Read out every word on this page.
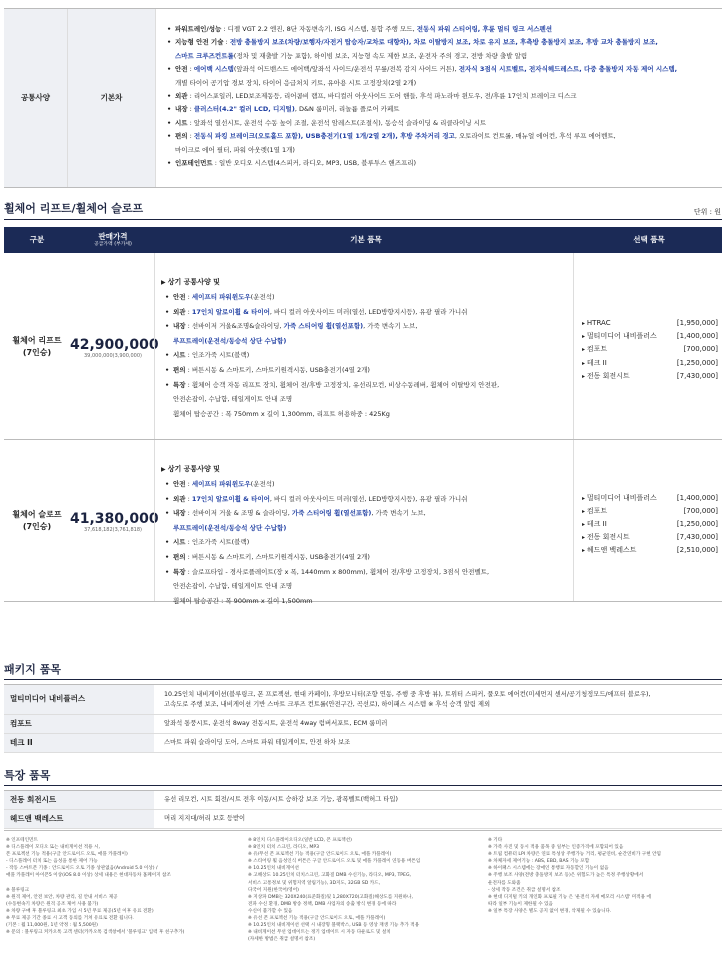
공통사양	기본차
• 파워트레인/성능 : 디젤 VGT 2.2 엔진, 8단 자동변속기, ISG 시스템, 통합 주행 모드, 전동식 파워 스티어링, 후륜 멀티 링크 서스펜션
• 지능형 안전 기술 : 전방 충돌방지 보조(차량/보행자/자전거 탑승자/교차로 대향차), 차로 이탈방지 보조, 차로 유지 보조, 후측방 충돌방지 보조, 후방 교차 충돌방지 보조,
스마트 크루즈컨트롤(정차 및 재출발 기능 포함), 하이빔 보조, 지능형 속도 제한 보조, 운전자 주의 경고, 전방 차량 출발 알림
• 안전 : 에어백 시스템(앞좌석 어드밴스드 에어백/앞좌석 사이드/운전석 무릎/전복 감지 사이드 커튼), 전자식 3점식 시트벨트, 전자식헤드레스트, 다중 충돌방지 자동 제어 시스템,
개별 타이어 공기압 경보 장치, 타이어 응급처치 키트, 유아용 시트 고정장치(2열 2개)
• 외관 : 리어스포일러, LED보조제동등, 리어콤비 램프, 바디컬러 아웃사이드 도어 핸들, 후석 파노라마 윈도우, 전/후륜 17인치 브레이크 디스크
• 내장 : 클러스터(4.2" 컬러 LCD, 디지털), D&N 룸미러, 리놀륨 플로어 카페트
• 시트 : 앞좌석 열선시트, 운전석 수동 높이 조절, 운전석 암레스트(조절식), 동승석 슬라이딩 & 리클라이닝 시트
• 편의 : 전동식 파킹 브레이크(오토홀드 포함), USB충전기(1열 1개/2열 2개), 후방 주차거리 경고, 오토라이트 컨트롤, 매뉴얼 에어컨, 후석 루프 에어벤트,
마이크로 에어 필터, 파워 아웃렛(1열 1개)
• 인포테인먼트 : 일반 오디오 시스템(4스피커, 라디오, MP3, USB, 블루투스 핸즈프리)
휠체어 리프트/휠체어 슬로프	단위 : 원
구분	판매가격
공급가액 (부가세)
기본 품목	선택 품목
휠체어 리프트
(7인승)	42,900,000
39,000,000(3,900,000)
▶ 상기 공통사양 및
• 안전 : 세이프티 파워윈도우(운전석)
• 외관 : 17인치 알로이휠 & 타이어, 바디 컬러 아웃사이드 미러(열선, LED방향지시등), 유광 필라 가니쉬
• 내장 : 선바이저 거울&조명&슬라이딩, 가죽 스티어링 휠(열선포함), 가죽 변속기 노브,
루프트레이(운전석/동승석 상단 수납함)
• 시트 : 인조가죽 시트(블랙)
• 편의 : 버튼시동 & 스마트키, 스마트키원격시동, USB충전기(4열 2개)
• 특장 : 휠체어 승객 자동 리프트 장치, 휠체어 전/후방 고정장치, 유선리모컨, 비상수동레버, 휠체어 이탈방지 안전판,
안전손잡이, 수납함, 테일게이트 안내 조명
휠체어 탑승공간 : 폭 750mm x 길이 1,300mm, 리프트 허용하중 : 425Kg
▸ HTRAC	[1,950,000]
▸ 멀티미디어 내비플러스	[1,400,000]
▸ 컴포트	[700,000]
▸ 테크 II	[1,250,000]
▸ 전동 회전시트	[7,430,000]
휠체어 슬로프
(7인승)	41,380,000
37,618,182(3,761,818)
▶ 상기 공통사양 및
• 안전 : 세이프티 파워윈도우(운전석)
• 외관 : 17인치 알로이휠 & 타이어, 바디 컬러 아웃사이드 미러(열선, LED방향지시등), 유광 필라 가니쉬
• 내장 : 선바이저 거울 & 조명 & 슬라이딩, 가죽 스티어링 휠(열선포함), 가죽 변속기 노브,
루프트레이(운전석/동승석 상단 수납함)
• 시트 : 인조가죽 시트(블랙)
• 편의 : 버튼시동 & 스마트키, 스마트키원격시동, USB충전기(4열 2개)
• 특장 : 슬로프타입 - 경사로플레이트(장 x 폭, 1440mm x 800mm), 휠체어 전/후방 고정장치, 3점식 안전벨트,
안전손잡이, 수납함, 테일게이트 안내 조명
휠체어 탑승공간 : 폭 900mm x 길이 1,500mm
▸ 멀티미디어 내비플러스	[1,400,000]
▸ 컴포트	[700,000]
▸ 테크 II	[1,250,000]
▸ 전동 회전시트	[7,430,000]
▸ 헤드앤 백레스트	[2,510,000]
패키지 품목
멀티미디어 내비플러스
10.25인치 내비게이션(블루링크, 폰 프로젝션, 현대 카페이), 후방모니터(조향 연동, 주행 중 후방 뷰), 트위터 스피커, 풀오토 에어컨(미세먼지 센서/공기청정모드/애프터 블로우),
고속도로 주행 보조, 내비게이션 기반 스마트 크루즈 컨트롤(안전구간, 곡선로), 하이패스 시스템 ※ 후석 승객 알림 제외
컴포트	앞좌석 통풍시트, 운전석 8way 전동시트, 운전석 4way 럼버서포트, ECM 룸미러
테크 II	스마트 파워 슬라이딩 도어, 스마트 파워 테일게이트, 안전 하차 보조
특장 품목
전동 회전시트	유선 리모컨, 시트 회전/시트 전후 이동/시트 승하강 보조 기능, 광폭벨트(백허그 타입)
헤드앤 백레스트	머리 지지대/허리 보호 등받이
※ 인포테인먼트
※ 디스플레이 모디오 또는 내비게이션 적용 시,
폰 프로젝션 기능 적용(구글 안드로이드 오토, 애플 카플레이)
- 디스플레이 터치 또는 음성을 통한 제어 가능
- 작동 스마트폰 기종 : 안드로이드 오토 기종 상관없음(Android 5.0 이상) /
애플 카플레이 아이폰5 이상(iOS 8.0 이상) 상세 내용은 현대자동차 홈페이지 참조

※ 블루링크
※ 원격 제어, 안전 보안, 차량 관리, 길 안내 서비스 제공
(수동변속기 차량은 원격 공조 제어 사용 불가)
※ 차량 구매 후 블루링크 최초 가입 시 5년 무료 제공(5년 이후 유료 전환)
※ 무료 제공 기간 종료 시 고객 동의를 거쳐 유료로 전환 됩니다.
(기본 : 월 11,000원, 1년 약정 : 월 5,500원)
※ 문의 : 블루링크 커카오톡 고객 센터(카카오톡 검색창에서 '블루링크' 입력 후 친구추가)
※ 8인치 디스플레이오디오(일반 LCD, 폰 프로젝션)
※ 8인치 터치 스크린, 라디오, MP3
※ 유/무선 폰 프로젝션 기능 적용(구글 안드로이드 오토, 애플 카플레이)
※ 스티어링 휠 음성인식 버튼은 구글 안드로이드 오토 및 애플 카플레이 연동용 버튼임
※ 10.25인치 내비게이션
※ 고해상도 10.25인치 터치스크린, 고화질 DMB 수신기능, 라디오, MP3, TPEG,
서비스 고통정보 및 위험지역 알림기능), 3D지도, 32GB SD 카드,
다국어 지원(한국어/영어)
※ 지상파 DMB는 320X240(표준화질)및 1,280X720(고화질)해상도를 지원하나,
전파 수신 환경, DMB 방송 정책, DMB 사업자의 송출 방식 변경 등에 따라
수신이 불가할 수 있음
※ 유선 폰 프로젝션 기능 적용(구글 안드로이드 오토, 애플 카플레이)
※ 10.25인치 내비게이션 선택 시 내장형 블랙박스, USB 등 영상 재생 기능 추가 적용
※ 내비게이션 무선 업데이트는 정기 업데이트 시 자동 다운로드 및 설치
(자세한 방법은 취급 설명서 참조)
※ 기타
※ 가족 사진 및 동시 적용 품목 중 일부는 인증가격에 포함되어 있음
※ 트립 컴퓨터 LPI 차량은 연료 특성상 주행가능 거리, 평균연비, 순간연비가 구현 안됨
※ 차체자세 제어기능 : ABS, EBD, BAS 기능 포함
※ 하이패스 시스템에는 장애인 통행료 자동할인 기능이 없음
※ 주행 보조 사양(전방 충돌방지 보조 등)은 위험도가 높은 특정 주행상황에서
운전자를 도와줌
- 상세 작동 조건은 취급 설명서 참조
※ 현대 디지털 키의 개인화 프로필 기능 은 '운전석 자세 메모리 시스템' 미적용 에
따라 일부 기능이 제한될 수 있음
※ 일부 특장 사양은 별도 공지 없이 변경, 삭제될 수 있습니다.
